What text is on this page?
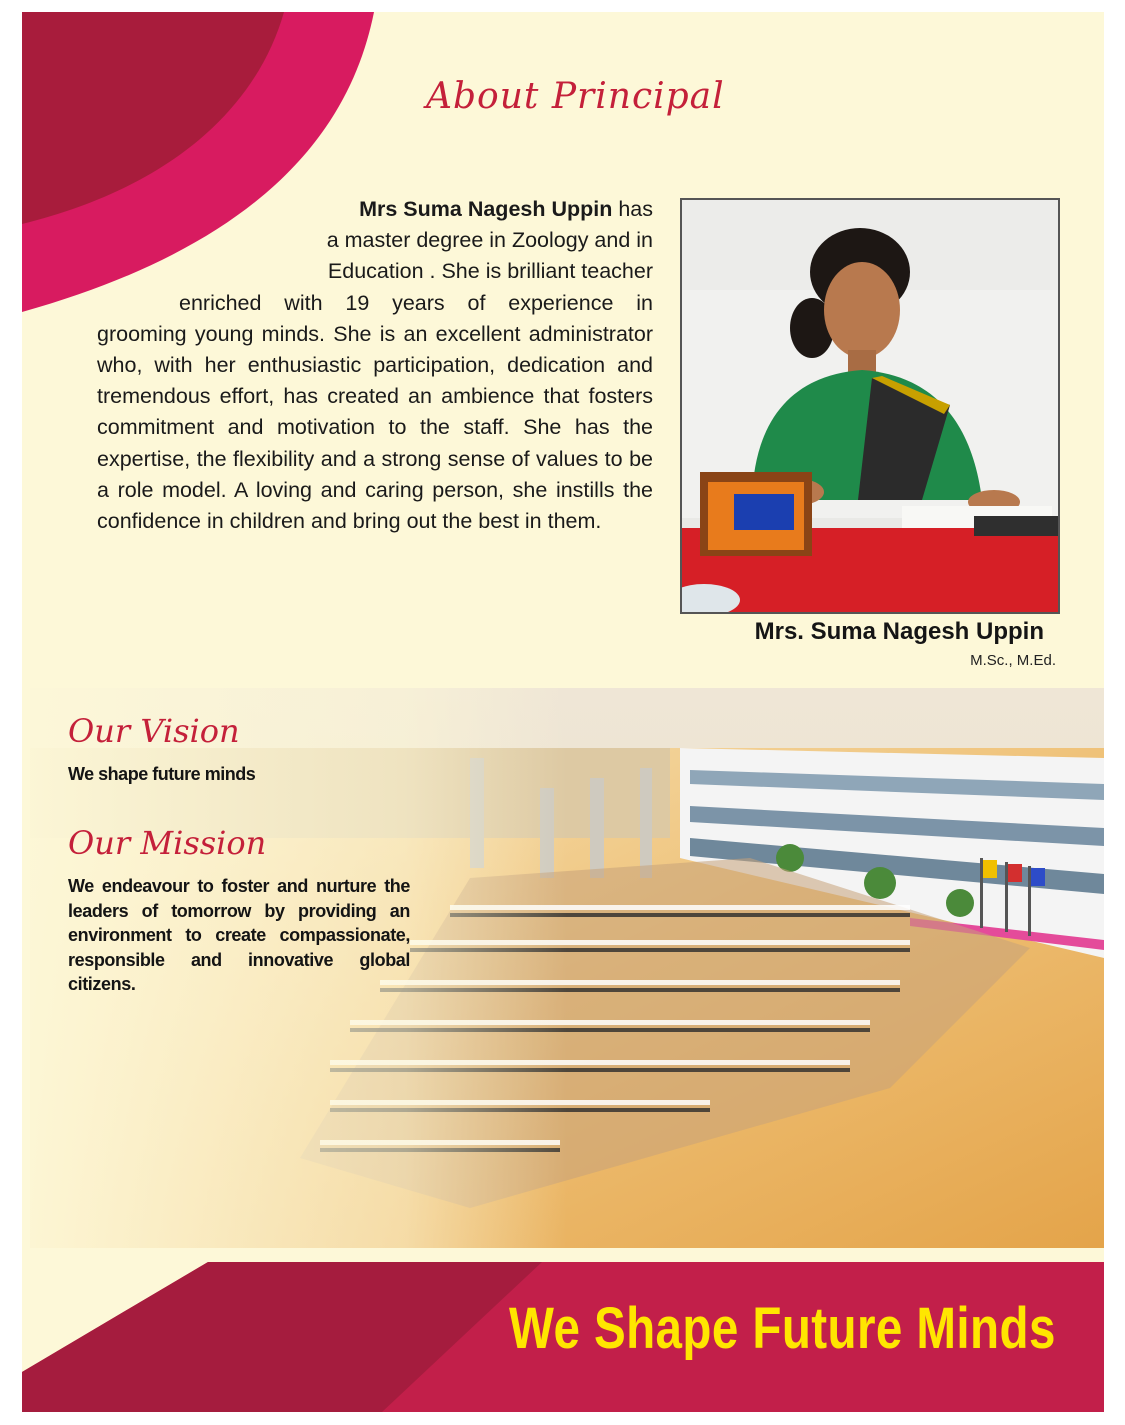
About Principal
Mrs Suma Nagesh Uppin has
a master degree in Zoology and in
Education . She is brilliant teacher
enriched with 19 years of experience in
grooming young minds. She is an excellent administrator who, with her enthusiastic participation, dedication and tremendous effort, has created an ambience that fosters commitment and motivation to the staff. She has the expertise, the flexibility and a strong sense of values to be a role model. A loving and caring person, she instills the confidence in children and bring out the best in them.
Mrs. Suma Nagesh Uppin
M.Sc., M.Ed.
Our Vision
We shape future minds
Our Mission
We endeavour to foster and nurture the leaders of tomorrow by providing an environment to create compassionate, responsible and innovative global citizens.
We Shape Future Minds
